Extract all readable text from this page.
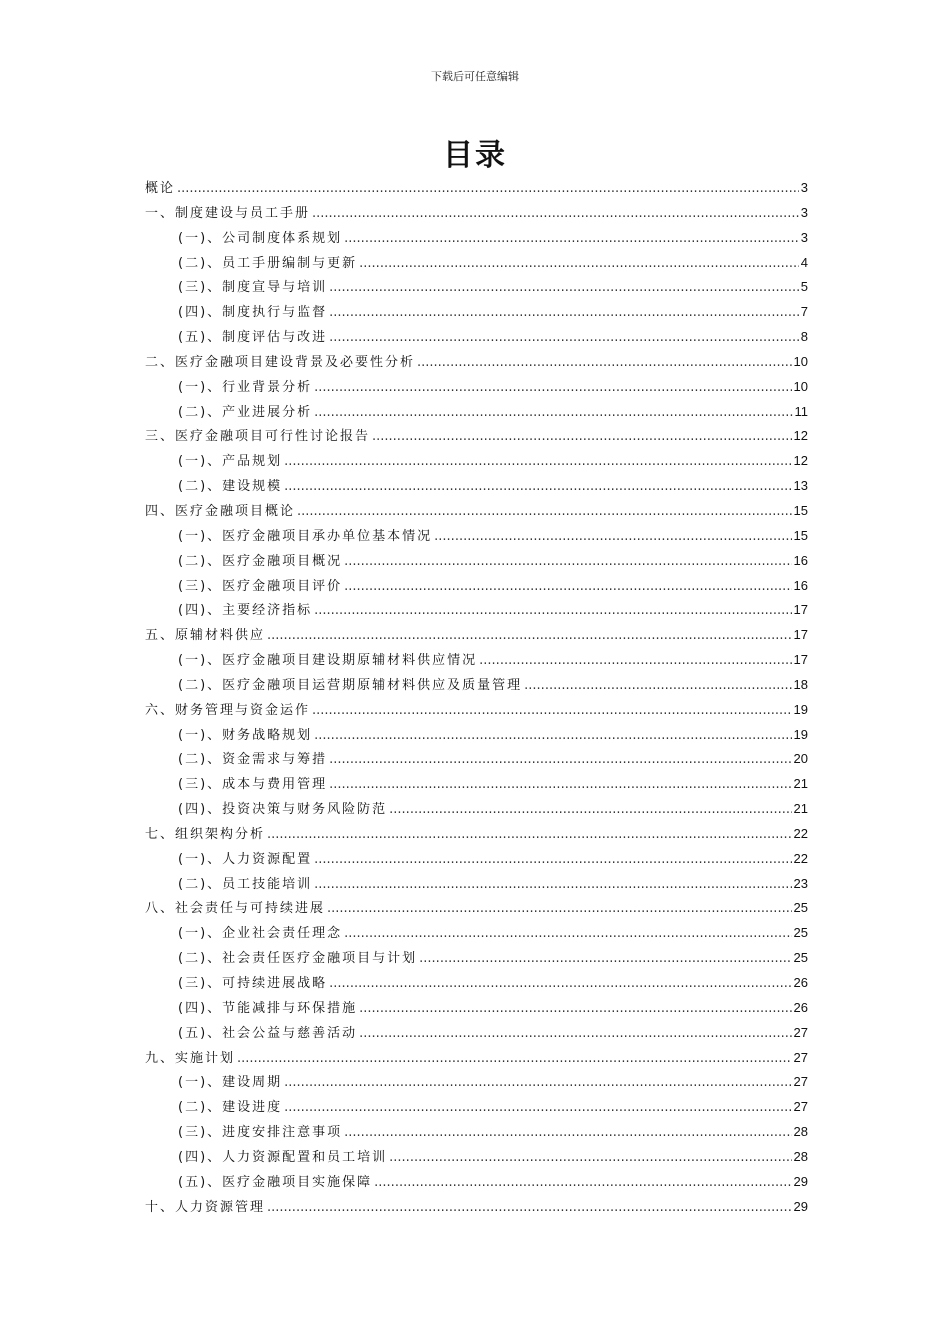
下载后可任意编辑
目录
概论 .....	3
一、制度建设与员工手册 .....	3
(一)、公司制度体系规划 .....	3
(二)、员工手册编制与更新 .....	4
(三)、制度宣导与培训 .....	5
(四)、制度执行与监督 .....	7
(五)、制度评估与改进 .....	8
二、医疗金融项目建设背景及必要性分析 .....	10
(一)、行业背景分析 .....	10
(二)、产业进展分析 .....	11
三、医疗金融项目可行性讨论报告 .....	12
(一)、产品规划 .....	12
(二)、建设规模 .....	13
四、医疗金融项目概论 .....	15
(一)、医疗金融项目承办单位基本情况 .....	15
(二)、医疗金融项目概况 .....	16
(三)、医疗金融项目评价 .....	16
(四)、主要经济指标 .....	17
五、原辅材料供应 .....	17
(一)、医疗金融项目建设期原辅材料供应情况 .....	17
(二)、医疗金融项目运营期原辅材料供应及质量管理 .....	18
六、财务管理与资金运作 .....	19
(一)、财务战略规划 .....	19
(二)、资金需求与筹措 .....	20
(三)、成本与费用管理 .....	21
(四)、投资决策与财务风险防范 .....	21
七、组织架构分析 .....	22
(一)、人力资源配置 .....	22
(二)、员工技能培训 .....	23
八、社会责任与可持续进展 .....	25
(一)、企业社会责任理念 .....	25
(二)、社会责任医疗金融项目与计划 .....	25
(三)、可持续进展战略 .....	26
(四)、节能减排与环保措施 .....	26
(五)、社会公益与慈善活动 .....	27
九、实施计划 .....	27
(一)、建设周期 .....	27
(二)、建设进度 .....	27
(三)、进度安排注意事项 .....	28
(四)、人力资源配置和员工培训 .....	28
(五)、医疗金融项目实施保障 .....	29
十、人力资源管理 .....	29
